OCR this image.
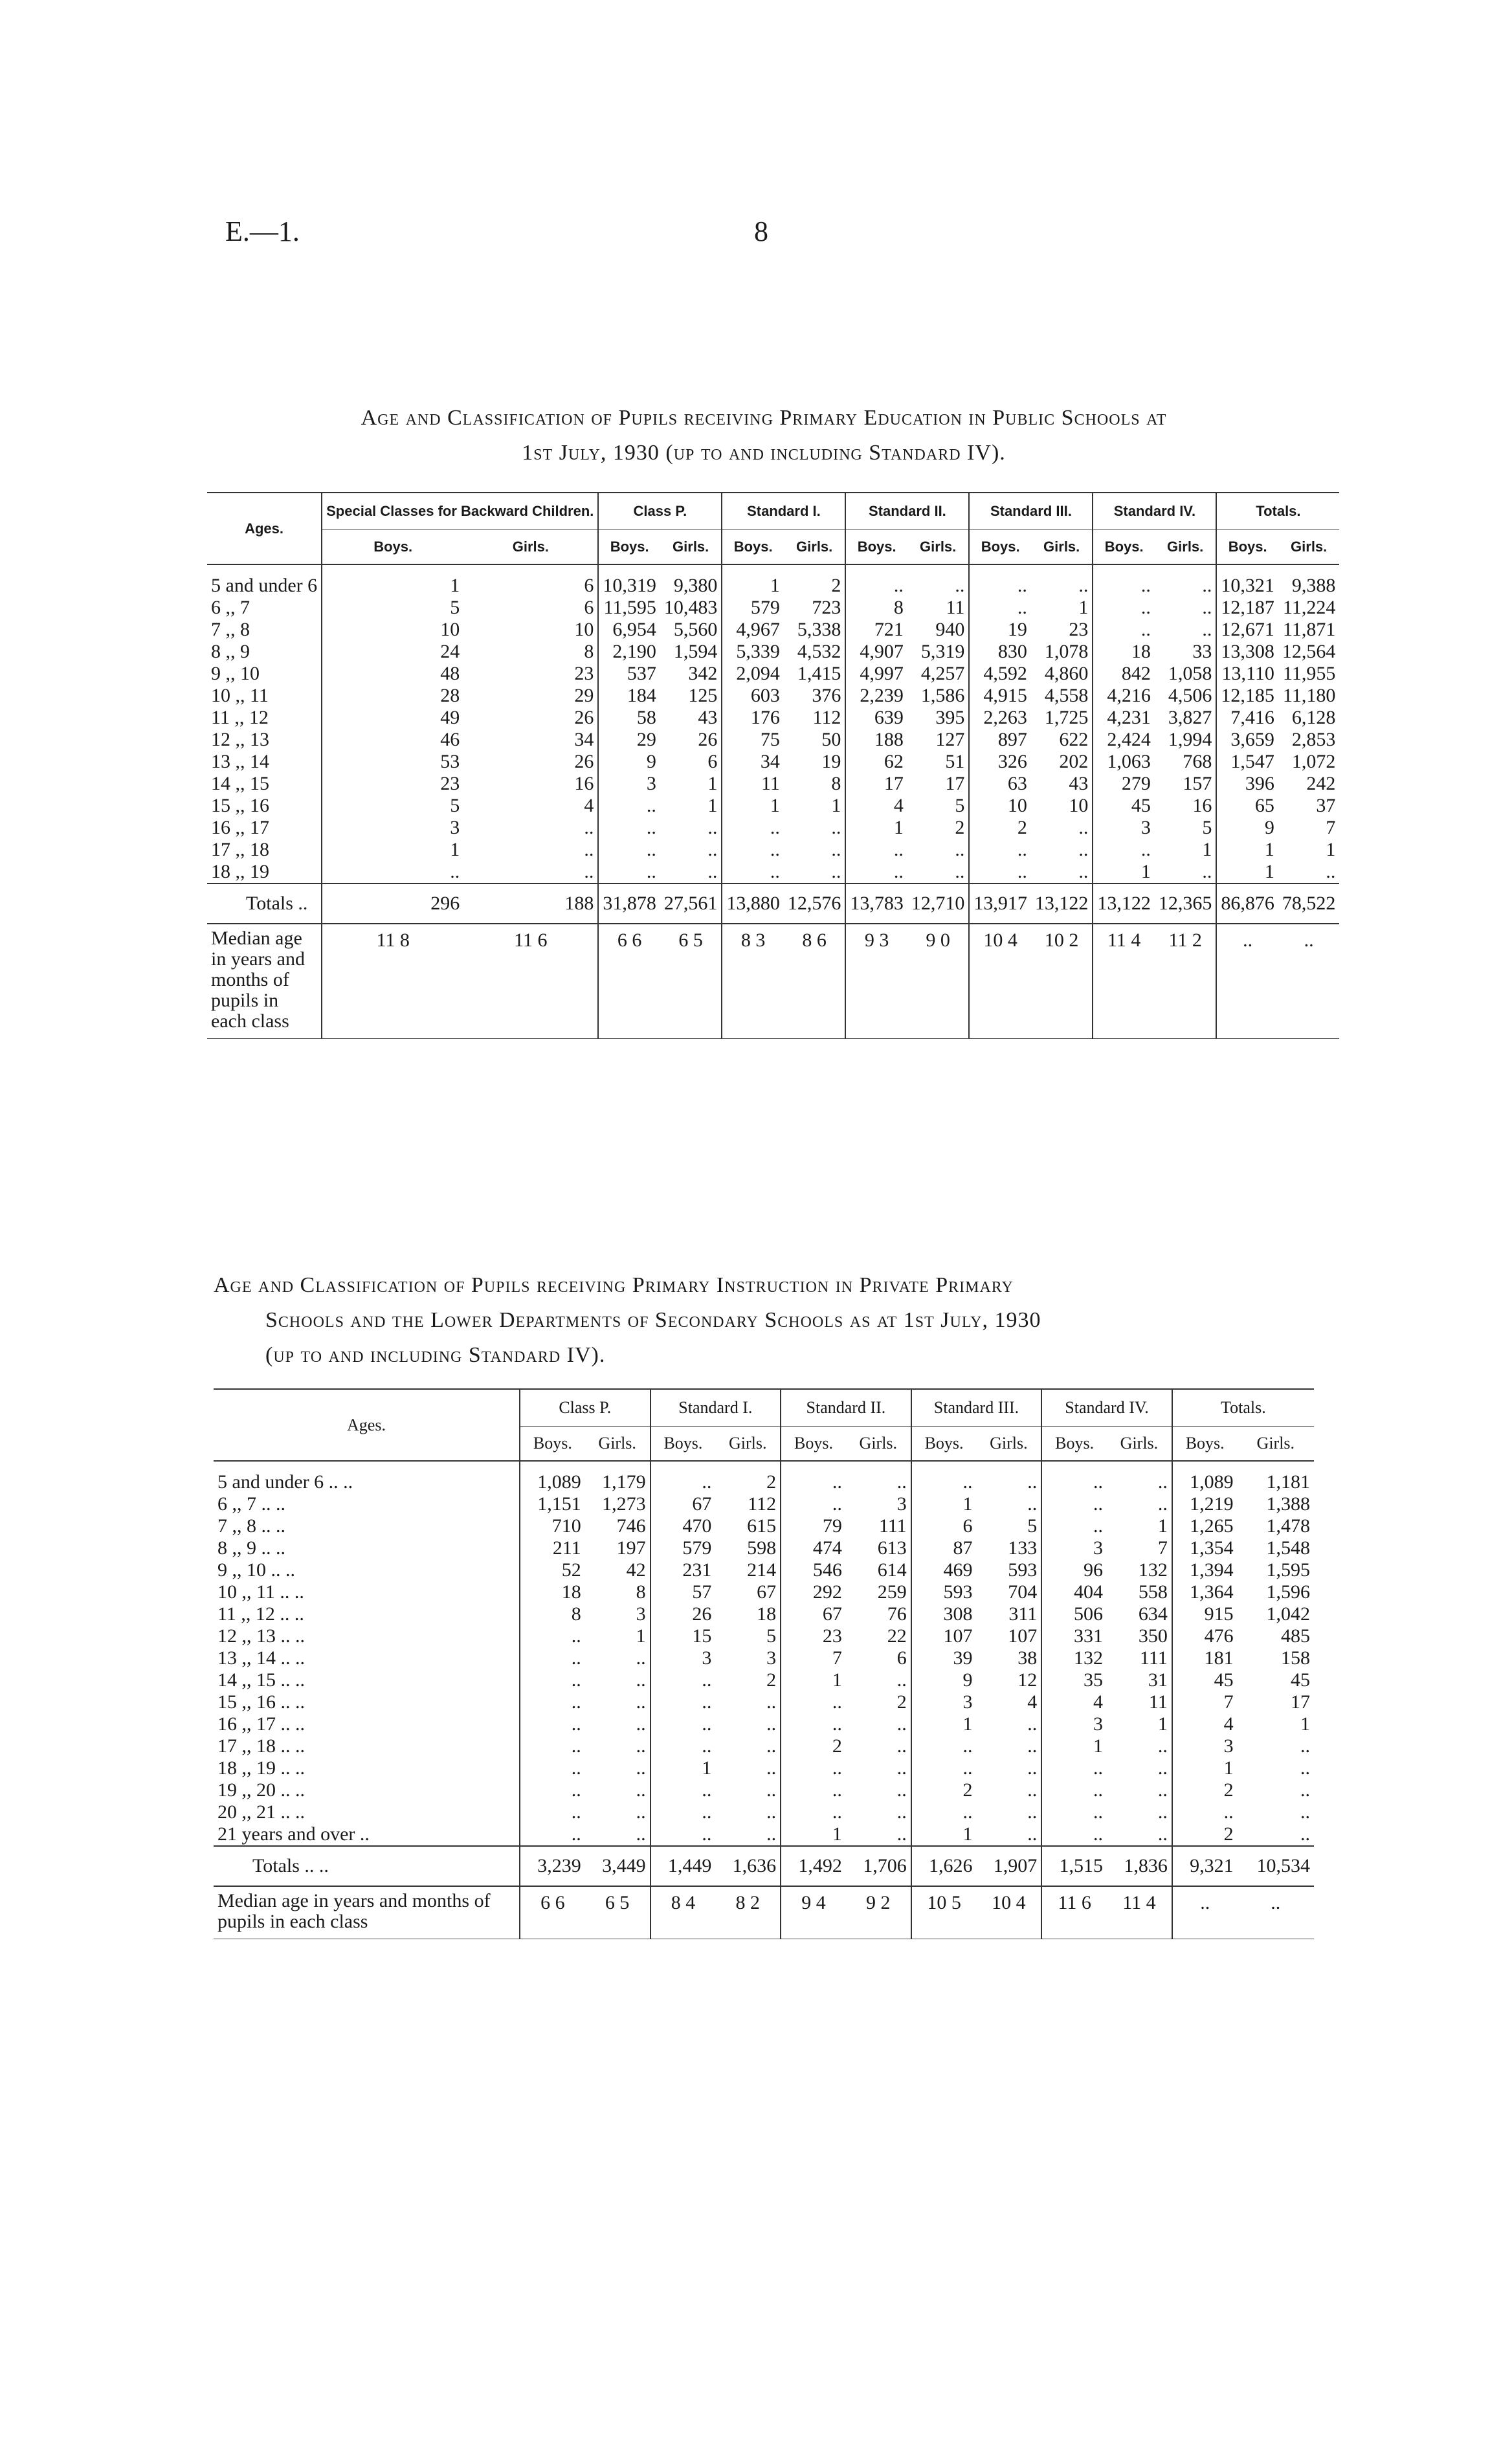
E.—1.	8
Age and Classification of Pupils receiving Primary Education in Public Schools at
1st July, 1930 (up to and including Standard IV).
Ages.	Special Classes for Backward Children.		Class P.		Standard I.		Standard II.		Standard III.		Standard IV.		Totals.	
	Boys.	Girls.	Boys.	Girls.	Boys.	Girls.	Boys.	Girls.	Boys.	Girls.	Boys.	Girls.	Boys.	Girls.

5 and under 6	1	6	10,319	9,380	1	2	..	..	..	..	..	..	10,321	9,388
6 ,, 7	5	6	11,595	10,483	579	723	8	11	..	1	..	..	12,187	11,224
7 ,, 8	10	10	6,954	5,560	4,967	5,338	721	940	19	23	..	..	12,671	11,871
8 ,, 9	24	8	2,190	1,594	5,339	4,532	4,907	5,319	830	1,078	18	33	13,308	12,564
9 ,, 10	48	23	537	342	2,094	1,415	4,997	4,257	4,592	4,860	842	1,058	13,110	11,955
10 ,, 11	28	29	184	125	603	376	2,239	1,586	4,915	4,558	4,216	4,506	12,185	11,180
11 ,, 12	49	26	58	43	176	112	639	395	2,263	1,725	4,231	3,827	7,416	6,128
12 ,, 13	46	34	29	26	75	50	188	127	897	622	2,424	1,994	3,659	2,853
13 ,, 14	53	26	9	6	34	19	62	51	326	202	1,063	768	1,547	1,072
14 ,, 15	23	16	3	1	11	8	17	17	63	43	279	157	396	242
15 ,, 16	5	4	..	1	1	1	4	5	10	10	45	16	65	37
16 ,, 17	3	..	..	..	..	..	1	2	2	..	3	5	9	7
17 ,, 18	1	..	..	..	..	..	..	..	..	..	..	1	1	1
18 ,, 19	..	..	..	..	..	..	..	..	..	..	1	..	1	..
Totals ..	296	188	31,878	27,561	13,880	12,576	13,783	12,710	13,917	13,122	13,122	12,365	86,876	78,522
Median age in years and months of pupils in each class	11 8	11 6	6 6	6 5	8 3	8 6	9 3	9 0	10 4	10 2	11 4	11 2	..	..
Age and Classification of Pupils receiving Primary Instruction in Private Primary
Schools and the Lower Departments of Secondary Schools as at 1st July, 1930
(up to and including Standard IV).
Ages.	Class P.		Standard I.		Standard II.		Standard III.		Standard IV.		Totals.	
	Boys.	Girls.	Boys.	Girls.	Boys.	Girls.	Boys.	Girls.	Boys.	Girls.	Boys.	Girls.

5 and under 6 .. ..	1,089	1,179	..	2	..	..	..	..	..	..	1,089	1,181
6 ,, 7 .. ..	1,151	1,273	67	112	..	3	1	..	..	..	1,219	1,388
7 ,, 8 .. ..	710	746	470	615	79	111	6	5	..	1	1,265	1,478
8 ,, 9 .. ..	211	197	579	598	474	613	87	133	3	7	1,354	1,548
9 ,, 10 .. ..	52	42	231	214	546	614	469	593	96	132	1,394	1,595
10 ,, 11 .. ..	18	8	57	67	292	259	593	704	404	558	1,364	1,596
11 ,, 12 .. ..	8	3	26	18	67	76	308	311	506	634	915	1,042
12 ,, 13 .. ..	..	1	15	5	23	22	107	107	331	350	476	485
13 ,, 14 .. ..	..	..	3	3	7	6	39	38	132	111	181	158
14 ,, 15 .. ..	..	..	..	2	1	..	9	12	35	31	45	45
15 ,, 16 .. ..	..	..	..	..	..	2	3	4	4	11	7	17
16 ,, 17 .. ..	..	..	..	..	..	..	1	..	3	1	4	1
17 ,, 18 .. ..	..	..	..	..	2	..	..	..	1	..	3	..
18 ,, 19 .. ..	..	..	1	..	..	..	..	..	..	..	1	..
19 ,, 20 .. ..	..	..	..	..	..	..	2	..	..	..	2	..
20 ,, 21 .. ..	..	..	..	..	..	..	..	..	..	..	..	..
21 years and over ..	..	..	..	..	1	..	1	..	..	..	2	..
Totals .. ..	3,239	3,449	1,449	1,636	1,492	1,706	1,626	1,907	1,515	1,836	9,321	10,534
Median age in years and months of pupils in each class	6 6	6 5	8 4	8 2	9 4	9 2	10 5	10 4	11 6	11 4	..	..
